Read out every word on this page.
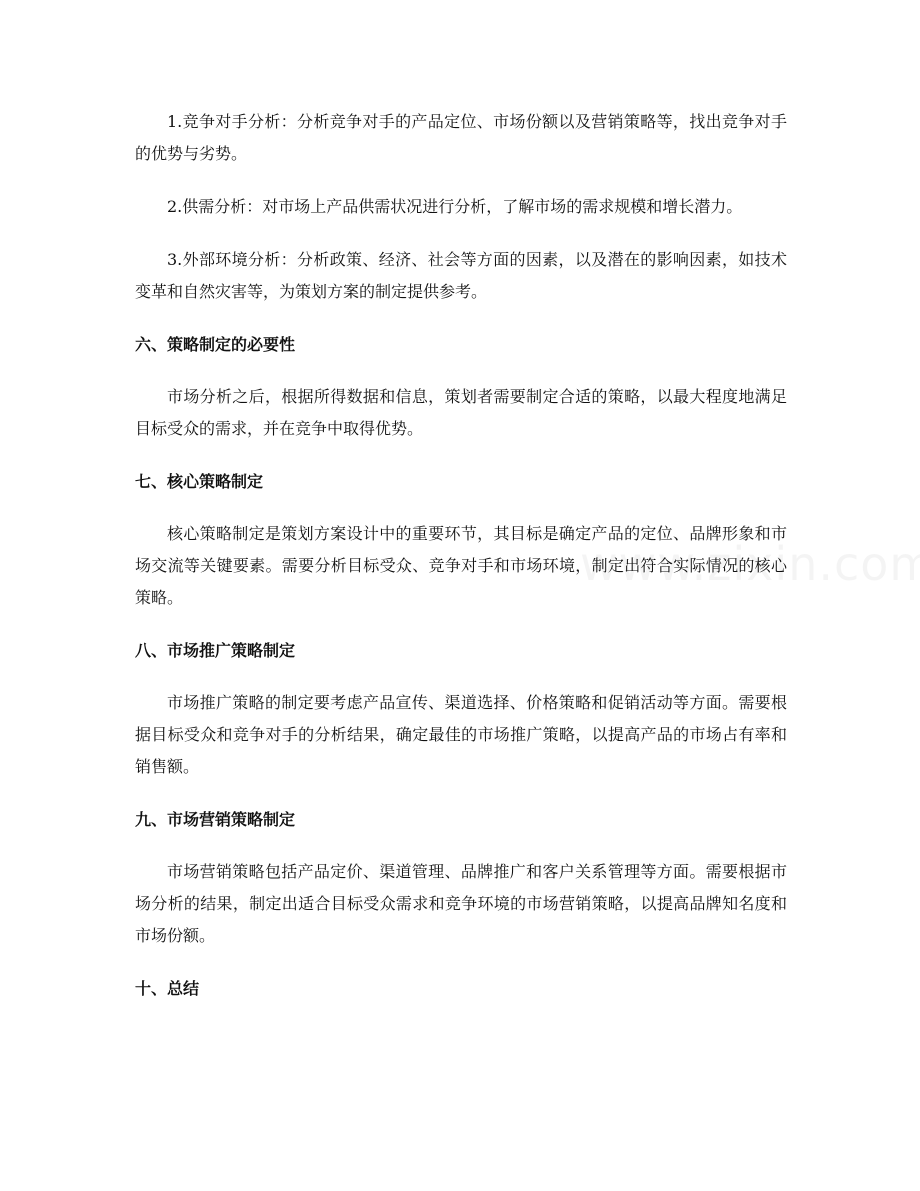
1.竞争对手分析：分析竞争对手的产品定位、市场份额以及营销策略等，找出竞争对手的优势与劣势。

2.供需分析：对市场上产品供需状况进行分析，了解市场的需求规模和增长潜力。

3.外部环境分析：分析政策、经济、社会等方面的因素，以及潜在的影响因素，如技术变革和自然灾害等，为策划方案的制定提供参考。

六、策略制定的必要性

市场分析之后，根据所得数据和信息，策划者需要制定合适的策略，以最大程度地满足目标受众的需求，并在竞争中取得优势。

七、核心策略制定

核心策略制定是策划方案设计中的重要环节，其目标是确定产品的定位、品牌形象和市场交流等关键要素。需要分析目标受众、竞争对手和市场环境，制定出符合实际情况的核心策略。

八、市场推广策略制定

市场推广策略的制定要考虑产品宣传、渠道选择、价格策略和促销活动等方面。需要根据目标受众和竞争对手的分析结果，确定最佳的市场推广策略，以提高产品的市场占有率和销售额。

九、市场营销策略制定

市场营销策略包括产品定价、渠道管理、品牌推广和客户关系管理等方面。需要根据市场分析的结果，制定出适合目标受众需求和竞争环境的市场营销策略，以提高品牌知名度和市场份额。

十、总结
